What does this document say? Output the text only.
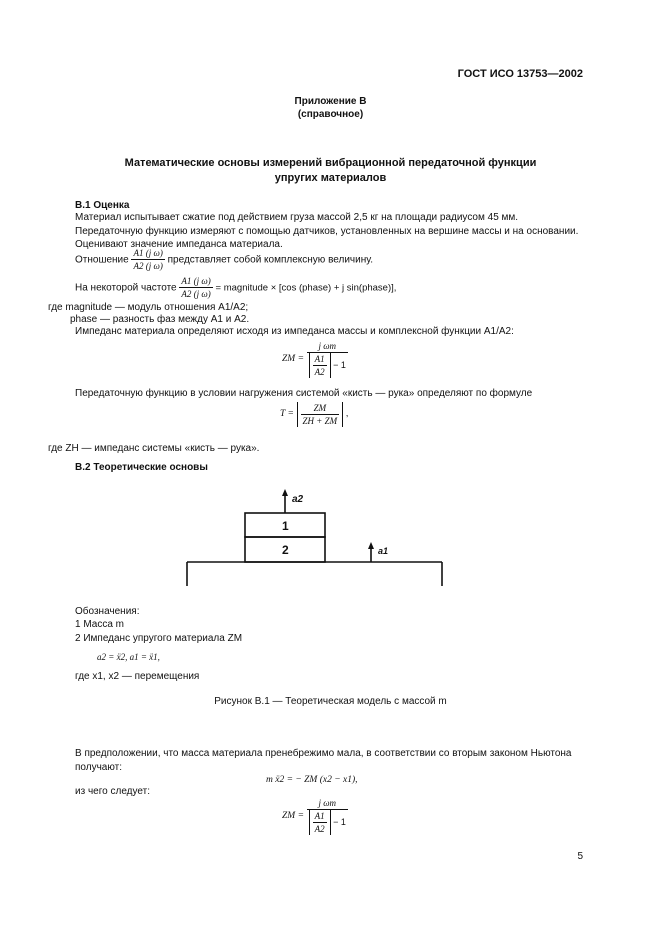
ГОСТ ИСО 13753—2002
Приложение В
(справочное)
Математические основы измерений вибрационной передаточной функции
упругих материалов
В.1 Оценка
Материал испытывает сжатие под действием груза массой 2,5 кг на площади радиусом 45 мм. Передаточную функцию измеряют с помощью датчиков, установленных на вершине массы и на основании. Оценивают значение импеданса материала.
Отношение $\frac{\text{A1 (j ω)}}{\text{A2 (j ω)}}$ представляет собой комплексную величину.
На некоторой частоте $\frac{\text{A1 (j ω)}}{\text{A2 (j ω)}}$ = magnitude × [cos (phase) + j sin(phase)],
где magnitude — модуль отношения A1/A2;
phase — разность фаз между A1 и A2.
Импеданс материала определяют исходя из импеданса массы и комплексной функции A1/A2:
ZM = $\frac{\text{j ωm}}{\frac{A1}{A2} - 1}$
Передаточную функцию в условии нагружения системой «кисть — рука» определяют по формуле
$T = \frac{ZM}{ZH + ZM}$ ,
где ZH — импеданс системы «кисть — рука».
В.2 Теоретические основы
a2
a1
1
2
Обозначения:
1 Масса m
2 Импеданс упругого материала ZM
a2 = ẍ2, a1 = ẍ1,
где x1, x2 — перемещения
Рисунок В.1 — Теоретическая модель с массой m
В предположении, что масса материала пренебрежимо мала, в соответствии со вторым законом Ньютона получают:
m ẍ2 = − ZM (x2 − x1),
из чего следует:
ZM = $\frac{\text{j ωm}}{\frac{A1}{A2} - 1}$
5
